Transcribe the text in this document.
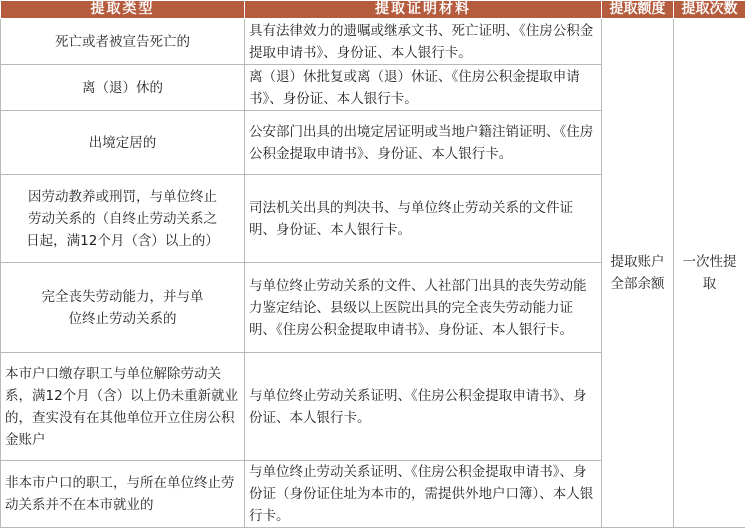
提取类型	提取证明材料	提取额度	提取次数
死亡或者被宣告死亡的	具有法律效力的遗嘱或继承文书、死亡证明、《住房公积金提取申请书》、身份证、本人银行卡。	提取账户全部余额	一次性提取
离（退）休的	离（退）休批复或离（退）休证、《住房公积金提取申请书》、身份证、本人银行卡。		
出境定居的	公安部门出具的出境定居证明或当地户籍注销证明、《住房公积金提取申请书》、身份证、本人银行卡。		
因劳动教养或刑罚，与单位终止劳动关系的（自终止劳动关系之日起，满12个月（含）以上的）	司法机关出具的判决书、与单位终止劳动关系的文件证明、身份证、本人银行卡。		
完全丧失劳动能力，并与单位终止劳动关系的	与单位终止劳动关系的文件、人社部门出具的丧失劳动能力鉴定结论、县级以上医院出具的完全丧失劳动能力证明、《住房公积金提取申请书》、身份证、本人银行卡。		
本市户口缴存职工与单位解除劳动关系，满12个月（含）以上仍未重新就业的，查实没有在其他单位开立住房公积金账户	与单位终止劳动关系证明、《住房公积金提取申请书》、身份证、本人银行卡。		
非本市户口的职工，与所在单位终止劳动关系并不在本市就业的	与单位终止劳动关系证明、《住房公积金提取申请书》、身份证（身份证住址为本市的，需提供外地户口簿）、本人银行卡。		
